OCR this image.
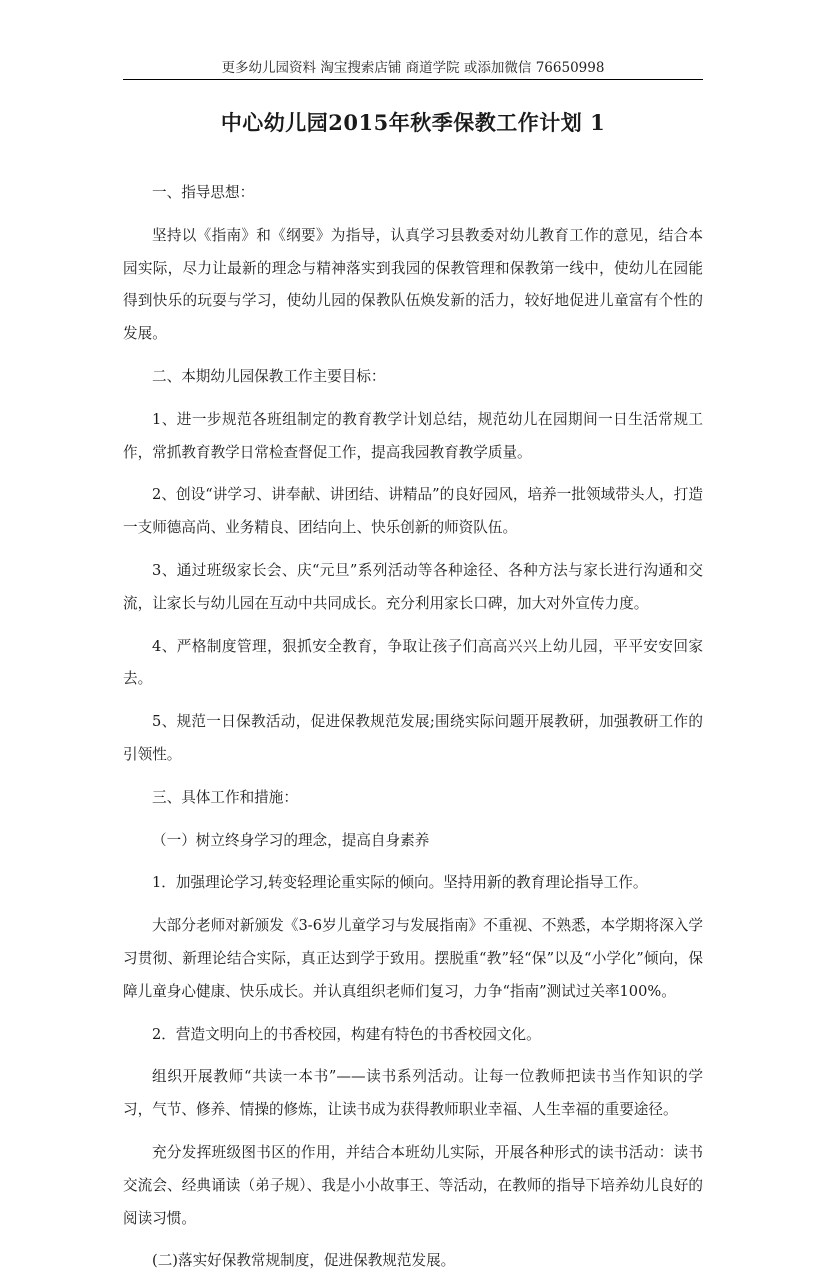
更多幼儿园资料 淘宝搜索店铺 商道学院 或添加微信 76650998
中心幼儿园2015年秋季保教工作计划 1

一、指导思想：

坚持以《指南》和《纲要》为指导，认真学习县教委对幼儿教育工作的意见，结合本园实际，尽力让最新的理念与精神落实到我园的保教管理和保教第一线中，使幼儿在园能得到快乐的玩耍与学习，使幼儿园的保教队伍焕发新的活力，较好地促进儿童富有个性的发展。

二、本期幼儿园保教工作主要目标：

1、进一步规范各班组制定的教育教学计划总结，规范幼儿在园期间一日生活常规工作，常抓教育教学日常检查督促工作，提高我园教育教学质量。

2、创设“讲学习、讲奉献、讲团结、讲精品”的良好园风，培养一批领域带头人，打造一支师德高尚、业务精良、团结向上、快乐创新的师资队伍。

3、通过班级家长会、庆“元旦”系列活动等各种途径、各种方法与家长进行沟通和交流，让家长与幼儿园在互动中共同成长。充分利用家长口碑，加大对外宣传力度。

4、严格制度管理，狠抓安全教育，争取让孩子们高高兴兴上幼儿园，平平安安回家去。

5、规范一日保教活动，促进保教规范发展;围绕实际问题开展教研，加强教研工作的引领性。

三、具体工作和措施：

（一）树立终身学习的理念，提高自身素养

1．加强理论学习,转变轻理论重实际的倾向。坚持用新的教育理论指导工作。

大部分老师对新颁发《3-6岁儿童学习与发展指南》不重视、不熟悉，本学期将深入学习贯彻、新理论结合实际，真正达到学于致用。摆脱重“教”轻“保”以及“小学化”倾向，保障儿童身心健康、快乐成长。并认真组织老师们复习，力争“指南”测试过关率100%。

2．营造文明向上的书香校园，构建有特色的书香校园文化。

组织开展教师“共读一本书”——读书系列活动。让每一位教师把读书当作知识的学习，气节、修养、情操的修炼，让读书成为获得教师职业幸福、人生幸福的重要途径。

充分发挥班级图书区的作用，并结合本班幼儿实际，开展各种形式的读书活动：读书交流会、经典诵读（弟子规）、我是小小故事王、等活动，在教师的指导下培养幼儿良好的阅读习惯。

(二)落实好保教常规制度，促进保教规范发展。
